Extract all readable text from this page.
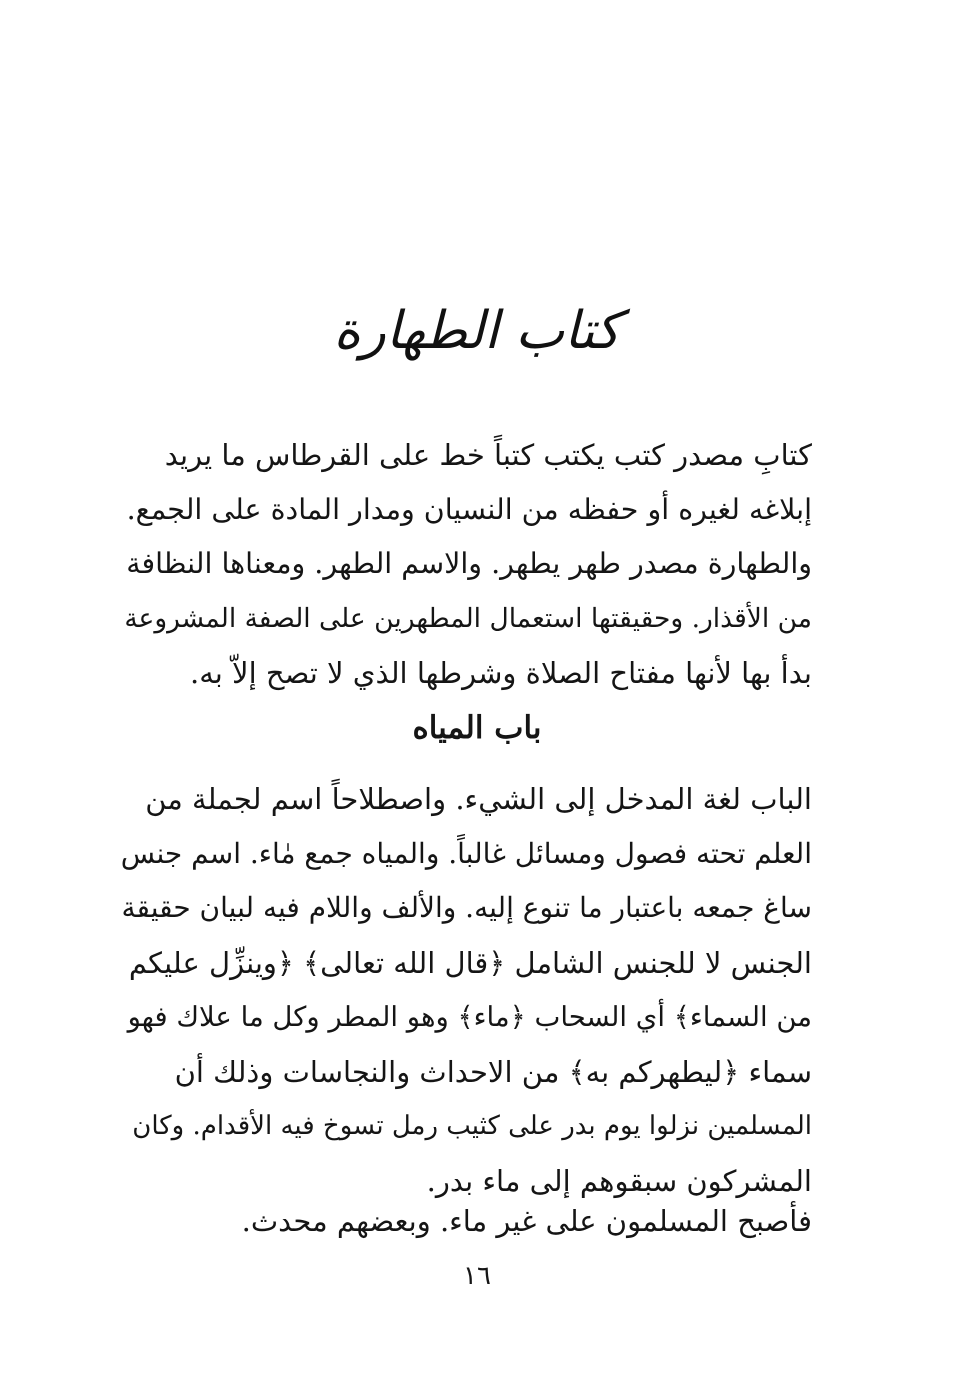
كتاب الطهارة
كتابِ مصدر كتب يكتب كتباً خط على القرطاس ما يريد
إبلاغه لغيره أو حفظه من النسيان ومدار المادة على الجمع.
والطهارة مصدر طهر يطهر. والاسم الطهر. ومعناها النظافة
من الأقذار. وحقيقتها استعمال المطهرين على الصفة المشروعة
بدأ بها لأنها مفتاح الصلاة وشرطها الذي لا تصح إلاّ به.
باب المياه
الباب لغة المدخل إلى الشيء. واصطلاحاً اسم لجملة من
العلم تحته فصول ومسائل غالباً. والمياه جمع مٰاء. اسم جنس
ساغ جمعه باعتبار ما تنوع إليه. والألف واللام فيه لبيان حقيقة
الجنس لا للجنس الشامل ﴿قال الله تعالى﴾ ﴿وينزِّل عليكم
من السماء﴾ أي السحاب ﴿ماء﴾ وهو المطر وكل ما علاك فهو
سماء ﴿ليطهركم به﴾ من الاحداث والنجاسات وذلك أن
المسلمين نزلوا يوم بدر على كثيب رمل تسوخ فيه الأقدام. وكان
المشركون سبقوهم إلى ماء بدر.
فأصبح المسلمون على غير ماء. وبعضهم محدث.
١٦
